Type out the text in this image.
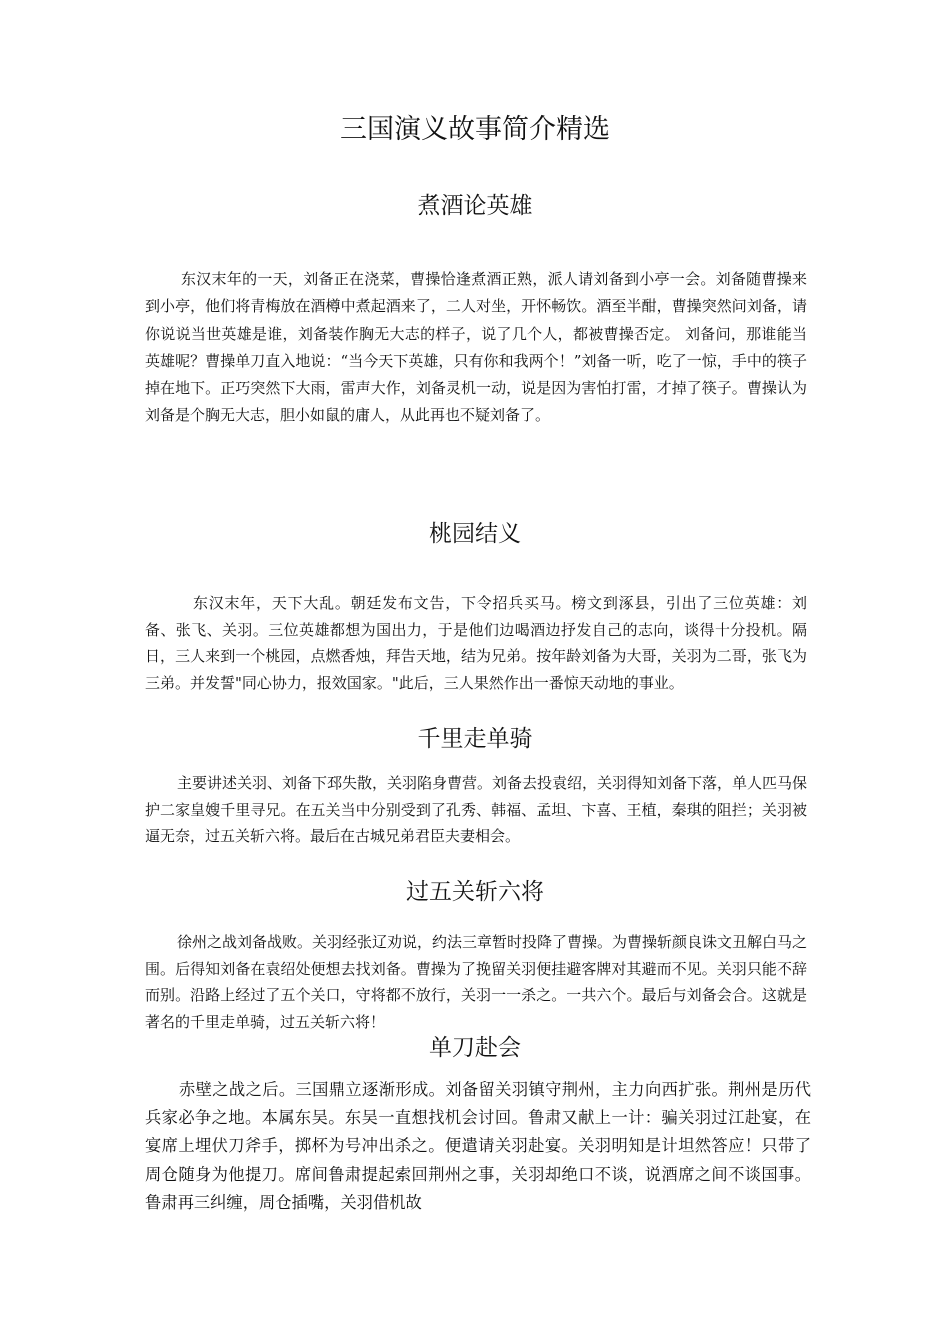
三国演义故事简介精选
煮酒论英雄

东汉末年的一天，刘备正在浇菜，曹操恰逢煮酒正熟，派人请刘备到小亭一会。刘备随曹操来到小亭，他们将青梅放在酒樽中煮起酒来了，二人对坐，开怀畅饮。酒至半酣，曹操突然问刘备，请你说说当世英雄是谁，刘备装作胸无大志的样子，说了几个人，都被曹操否定。 刘备问，那谁能当英雄呢？曹操单刀直入地说：“当今天下英雄，只有你和我两个！”刘备一听，吃了一惊，手中的筷子掉在地下。正巧突然下大雨，雷声大作，刘备灵机一动，说是因为害怕打雷，才掉了筷子。曹操认为刘备是个胸无大志，胆小如鼠的庸人，从此再也不疑刘备了。

桃园结义

东汉末年，天下大乱。朝廷发布文告，下令招兵买马。榜文到涿县，引出了三位英雄：刘备、张飞、关羽。三位英雄都想为国出力，于是他们边喝酒边抒发自己的志向，谈得十分投机。隔日，三人来到一个桃园，点燃香烛，拜告天地，结为兄弟。按年龄刘备为大哥，关羽为二哥，张飞为三弟。并发誓"同心协力，报效国家。"此后，三人果然作出一番惊天动地的事业。

千里走单骑

主要讲述关羽、刘备下邳失散，关羽陷身曹营。刘备去投袁绍，关羽得知刘备下落，单人匹马保护二家皇嫂千里寻兄。在五关当中分别受到了孔秀、韩福、孟坦、卞喜、王植，秦琪的阻拦；关羽被逼无奈，过五关斩六将。最后在古城兄弟君臣夫妻相会。

过五关斩六将

徐州之战刘备战败。关羽经张辽劝说，约法三章暂时投降了曹操。为曹操斩颜良诛文丑解白马之围。后得知刘备在袁绍处便想去找刘备。曹操为了挽留关羽便挂避客牌对其避而不见。关羽只能不辞而别。沿路上经过了五个关口，守将都不放行，关羽一一杀之。一共六个。最后与刘备会合。这就是著名的千里走单骑，过五关斩六将！

单刀赴会

赤壁之战之后。三国鼎立逐渐形成。刘备留关羽镇守荆州，主力向西扩张。荆州是历代兵家必争之地。本属东吴。东吴一直想找机会讨回。鲁肃又献上一计：骗关羽过江赴宴，在宴席上埋伏刀斧手，掷杯为号冲出杀之。便遣请关羽赴宴。关羽明知是计坦然答应！只带了周仓随身为他提刀。席间鲁肃提起索回荆州之事，关羽却绝口不谈，说酒席之间不谈国事。鲁肃再三纠缠，周仓插嘴，关羽借机故
